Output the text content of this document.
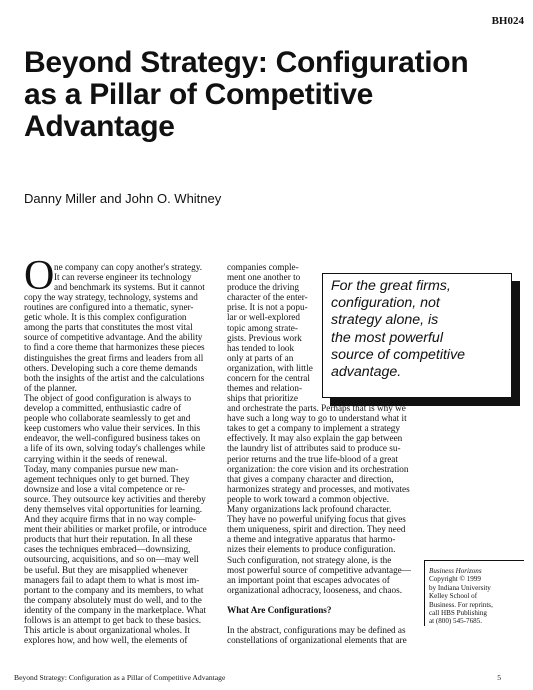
BH024
Beyond Strategy: Configuration
as a Pillar of Competitive
Advantage
Danny Miller and John O. Whitney
O ne company can copy another's strategy.
It can reverse engineer its technology
and benchmark its systems. But it cannot
copy the way strategy, technology, systems and
routines are configured into a thematic, syner-
getic whole. It is this complex configuration
among the parts that constitutes the most vital
source of competitive advantage. And the ability
to find a core theme that harmonizes these pieces
distinguishes the great firms and leaders from all
others. Developing such a core theme demands
both the insights of the artist and the calculations
of the planner.
The object of good configuration is always to
develop a committed, enthusiastic cadre of
people who collaborate seamlessly to get and
keep customers who value their services. In this
endeavor, the well-configured business takes on
a life of its own, solving today's challenges while
carrying within it the seeds of renewal.
Today, many companies pursue new man-
agement techniques only to get burned. They
downsize and lose a vital competence or re-
source. They outsource key activities and thereby
deny themselves vital opportunities for learning.
And they acquire firms that in no way comple-
ment their abilities or market profile, or introduce
products that hurt their reputation. In all these
cases the techniques embraced—downsizing,
outsourcing, acquisitions, and so on—may well
be useful. But they are misapplied whenever
managers fail to adapt them to what is most im-
portant to the company and its members, to what
the company absolutely must do well, and to the
identity of the company in the marketplace. What
follows is an attempt to get back to these basics.
This article is about organizational wholes. It
explores how, and how well, the elements of
companies comple-
ment one another to
produce the driving
character of the enter-
prise. It is not a popu-
lar or well-explored
topic among strate-
gists. Previous work
has tended to look
only at parts of an
organization, with little
concern for the central
themes and relation-
ships that prioritize
and orchestrate the parts. Perhaps that is why we
have such a long way to go to understand what it
takes to get a company to implement a strategy
effectively. It may also explain the gap between
the laundry list of attributes said to produce su-
perior returns and the true life-blood of a great
organization: the core vision and its orchestration
that gives a company character and direction,
harmonizes strategy and processes, and motivates
people to work toward a common objective.
Many organizations lack profound character.
They have no powerful unifying focus that gives
them uniqueness, spirit and direction. They need
a theme and integrative apparatus that harmo-
nizes their elements to produce configuration.
Such configuration, not strategy alone, is the
most powerful source of competitive advantage—
an important point that escapes advocates of
organizational adhocracy, looseness, and chaos.
What Are Configurations?
In the abstract, configurations may be defined as
constellations of organizational elements that are
For the great firms,
configuration, not
strategy alone, is
the most powerful
source of competitive
advantage.
Business Horizons
Copyright © 1999
by Indiana University
Kelley School of
Business. For reprints,
call HBS Publishing
at (800) 545-7685.
Beyond Strategy: Configuration as a Pillar of Competitive Advantage	5
